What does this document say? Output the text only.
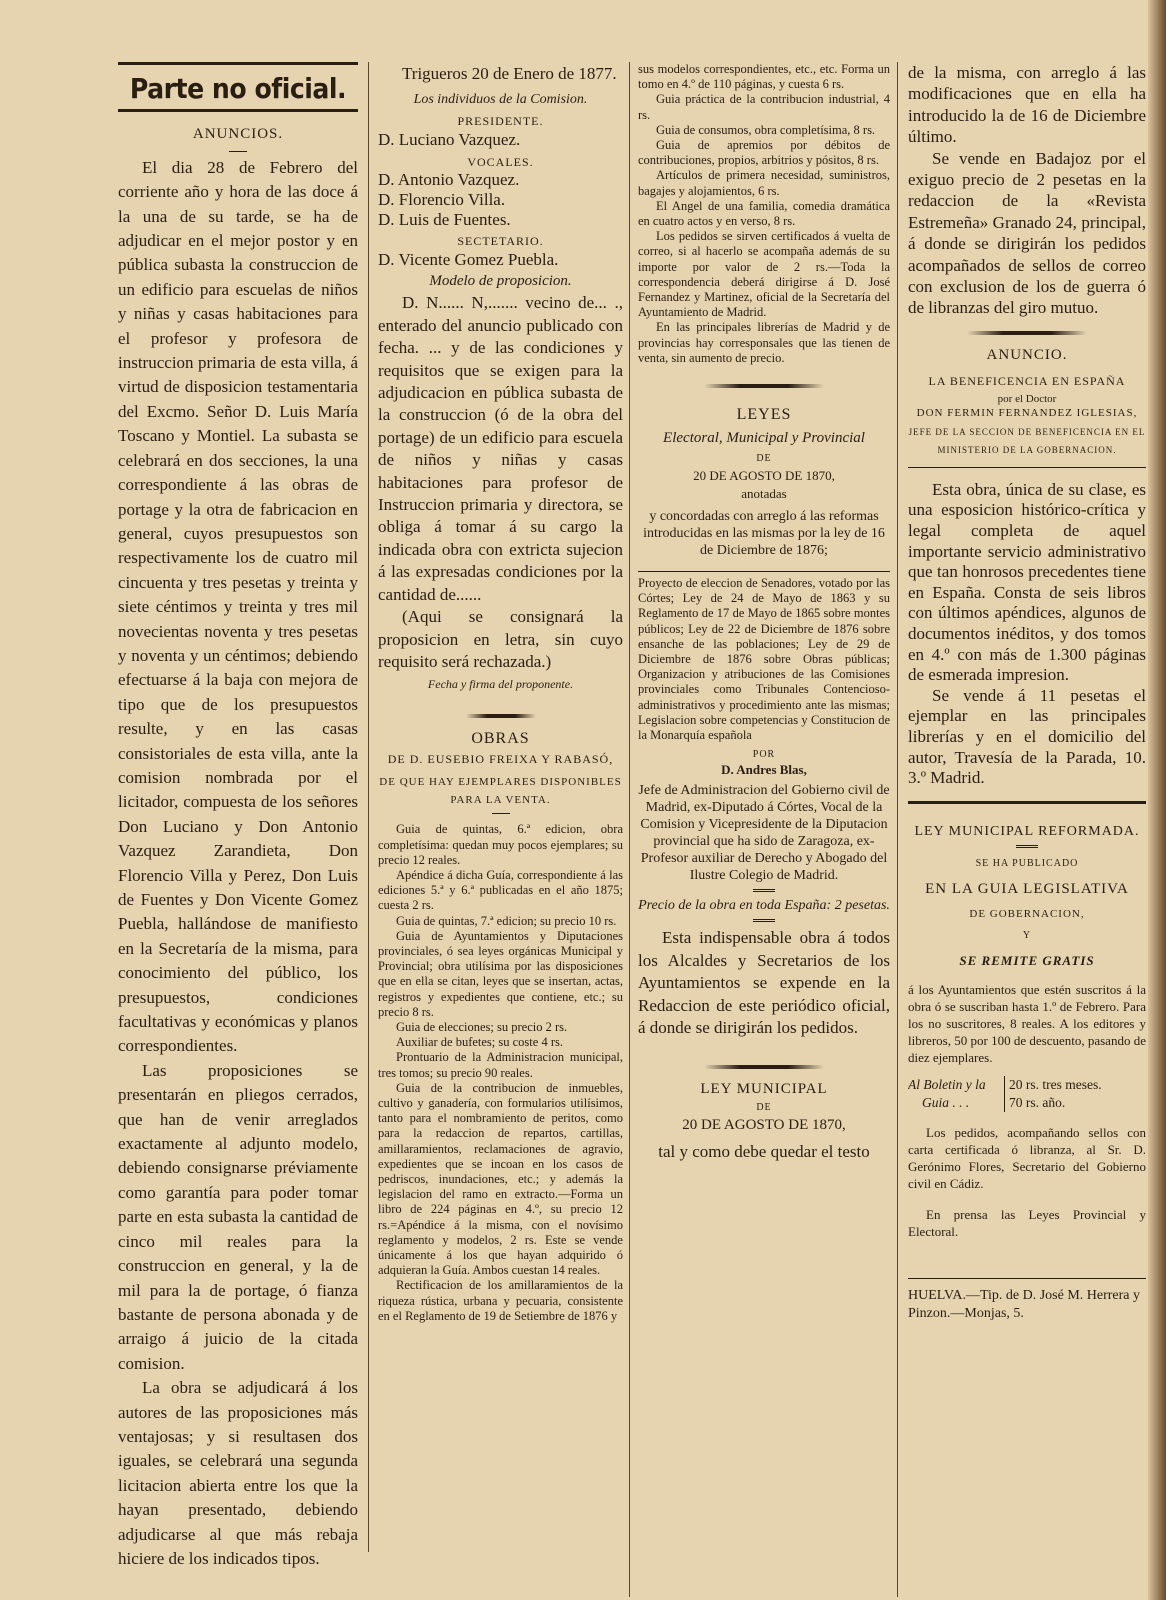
Parte no oficial.

ANUNCIOS.

El dia 28 de Febrero del corriente año y hora de las doce á la una de su tarde, se ha de adjudicar en el mejor postor y en pública subasta la construccion de un edificio para escuelas de niños y niñas y casas habitaciones para el profesor y profesora de instruccion primaria de esta villa, á virtud de disposicion testamentaria del Excmo. Señor D. Luis María Toscano y Montiel. La subasta se celebrará en dos secciones, la una correspondiente á las obras de portage y la otra de fabricacion en general, cuyos presupuestos son respectivamente los de cuatro mil cincuenta y tres pesetas y treinta y siete céntimos y treinta y tres mil novecientas noventa y tres pesetas y noventa y un céntimos; debiendo efectuarse á la baja con mejora de tipo que de los presupuestos resulte, y en las casas consistoriales de esta villa, ante la comision nombrada por el licitador, compuesta de los señores Don Luciano y Don Antonio Vazquez Zarandieta, Don Florencio Villa y Perez, Don Luis de Fuentes y Don Vicente Gomez Puebla, hallándose de manifiesto en la Secretaría de la misma, para conocimiento del público, los presupuestos, condiciones facultativas y económicas y planos correspondientes.

Las proposiciones se presentarán en pliegos cerrados, que han de venir arreglados exactamente al adjunto modelo, debiendo consignarse préviamente como garantía para poder tomar parte en esta subasta la cantidad de cinco mil reales para la construccion en general, y la de mil para la de portage, ó fianza bastante de persona abonada y de arraigo á juicio de la citada comision.

La obra se adjudicará á los autores de las proposiciones más ventajosas; y si resultasen dos iguales, se celebrará una segunda licitacion abierta entre los que la hayan presentado, debiendo adjudicarse al que más rebaja hiciere de los indicados tipos.

Trigueros 20 de Enero de 1877.

Los individuos de la Comision.

PRESIDENTE.

D. Luciano Vazquez.

VOCALES.

D. Antonio Vazquez.

D. Florencio Villa.

D. Luis de Fuentes.

SECTETARIO.

D. Vicente Gomez Puebla.

Modelo de proposicion.

D. N...... N,....... vecino de... ., enterado del anuncio publicado con fecha. ... y de las condiciones y requisitos que se exigen para la adjudicacion en pública subasta de la construccion (ó de la obra del portage) de un edificio para escuela de niños y niñas y casas habitaciones para profesor de Instruccion primaria y directora, se obliga á tomar á su cargo la indicada obra con extricta sujecion á las expresadas condiciones por la cantidad de......

(Aqui se consignará la proposicion en letra, sin cuyo requisito será rechazada.)

Fecha y firma del proponente.

OBRAS

DE D. EUSEBIO FREIXA Y RABASÓ,

DE QUE HAY EJEMPLARES DISPONIBLES PARA LA VENTA.

Guia de quintas, 6.ª edicion, obra completísima: quedan muy pocos ejemplares; su precio 12 reales.

Apéndice á dicha Guía, correspondiente á las ediciones 5.ª y 6.ª publicadas en el año 1875; cuesta 2 rs.

Guia de quintas, 7.ª edicion; su precio 10 rs.

Guia de Ayuntamientos y Diputaciones provinciales, ó sea leyes orgánicas Municipal y Provincial; obra utilísima por las disposiciones que en ella se citan, leyes que se insertan, actas, registros y expedientes que contiene, etc.; su precio 8 rs.

Guia de elecciones; su precio 2 rs.

Auxiliar de bufetes; su coste 4 rs.

Prontuario de la Administracion municipal, tres tomos; su precio 90 reales.

Guia de la contribucion de inmuebles, cultivo y ganadería, con formularios utilísimos, tanto para el nombramiento de peritos, como para la redaccion de repartos, cartillas, amillaramientos, reclamaciones de agravio, expedientes que se incoan en los casos de pedriscos, inundaciones, etc.; y además la legislacion del ramo en extracto.—Forma un libro de 224 páginas en 4.º, su precio 12 rs.=Apéndice á la misma, con el novísimo reglamento y modelos, 2 rs. Este se vende únicamente á los que hayan adquirido ó adquieran la Guía. Ambos cuestan 14 reales.

Rectificacion de los amillaramientos de la riqueza rústica, urbana y pecuaria, consistente en el Reglamento de 19 de Setiembre de 1876 y

sus modelos correspondientes, etc., etc. Forma un tomo en 4.º de 110 páginas, y cuesta 6 rs.

Guia práctica de la contribucion industrial, 4 rs.

Guia de consumos, obra completísima, 8 rs.

Guia de apremios por débitos de contribuciones, propios, arbitrios y pósitos, 8 rs.

Artículos de primera necesidad, suministros, bagajes y alojamientos, 6 rs.

El Angel de una familia, comedia dramática en cuatro actos y en verso, 8 rs.

Los pedidos se sirven certificados á vuelta de correo, si al hacerlo se acompaña además de su importe por valor de 2 rs.—Toda la correspondencia deberá dirigirse á D. José Fernandez y Martinez, oficial de la Secretaría del Ayuntamiento de Madrid.

En las principales librerías de Madrid y de provincias hay corresponsales que las tienen de venta, sin aumento de precio.

LEYES

Electoral, Municipal y Provincial

DE

20 DE AGOSTO DE 1870,

anotadas

y concordadas con arreglo á las reformas introducidas en las mismas por la ley de 16 de Diciembre de 1876;

Proyecto de eleccion de Senadores, votado por las Córtes; Ley de 24 de Mayo de 1863 y su Reglamento de 17 de Mayo de 1865 sobre montes públicos; Ley de 22 de Diciembre de 1876 sobre ensanche de las poblaciones; Ley de 29 de Diciembre de 1876 sobre Obras públicas; Organizacion y atribuciones de las Comisiones provinciales como Tribunales Contencioso-administrativos y procedimiento ante las mismas; Legislacion sobre competencias y Constitucion de la Monarquía española

POR

D. Andres Blas,

Jefe de Administracion del Gobierno civil de Madrid, ex-Diputado á Córtes, Vocal de la Comision y Vicepresidente de la Diputacion provincial que ha sido de Zaragoza, ex-Profesor auxiliar de Derecho y Abogado del Ilustre Colegio de Madrid.

Precio de la obra en toda España: 2 pesetas.

Esta indispensable obra á todos los Alcaldes y Secretarios de los Ayuntamientos se expende en la Redaccion de este periódico oficial, á donde se dirigirán los pedidos.

LEY MUNICIPAL

DE

20 DE AGOSTO DE 1870,

tal y como debe quedar el testo

de la misma, con arreglo á las modificaciones que en ella ha introducido la de 16 de Diciembre último.

Se vende en Badajoz por el exiguo precio de 2 pesetas en la redaccion de la «Revista Estremeña» Granado 24, principal, á donde se dirigirán los pedidos acompañados de sellos de correo con exclusion de los de guerra ó de libranzas del giro mutuo.

ANUNCIO.

LA BENEFICENCIA EN ESPAÑA

por el Doctor

DON FERMIN FERNANDEZ IGLESIAS,

JEFE DE LA SECCION DE BENEFICENCIA EN EL MINISTERIO DE LA GOBERNACION.

Esta obra, única de su clase, es una esposicion histórico-crítica y legal completa de aquel importante servicio administrativo que tan honrosos precedentes tiene en España. Consta de seis libros con últimos apéndices, algunos de documentos inéditos, y dos tomos en 4.º con más de 1.300 páginas de esmerada impresion.

Se vende á 11 pesetas el ejemplar en las principales librerías y en el domicilio del autor, Travesía de la Parada, 10. 3.º Madrid.

LEY MUNICIPAL REFORMADA.

SE HA PUBLICADO

EN LA GUIA LEGISLATIVA

DE GOBERNACION,

Y

SE REMITE GRATIS

á los Ayuntamientos que estén suscritos á la obra ó se suscriban hasta 1.º de Febrero. Para los no suscritores, 8 reales. A los editores y libreros, 50 por 100 de descuento, pasando de diez ejemplares.

Al Boletin y la	20 rs. tres meses.
Guia . . .	70 rs. año.

Los pedidos, acompañando sellos con carta certificada ó libranza, al Sr. D. Gerónimo Flores, Secretario del Gobierno civil en Cádiz.

En prensa las Leyes Provincial y Electoral.

HUELVA.—Tip. de D. José M. Herrera y Pinzon.—Monjas, 5.
